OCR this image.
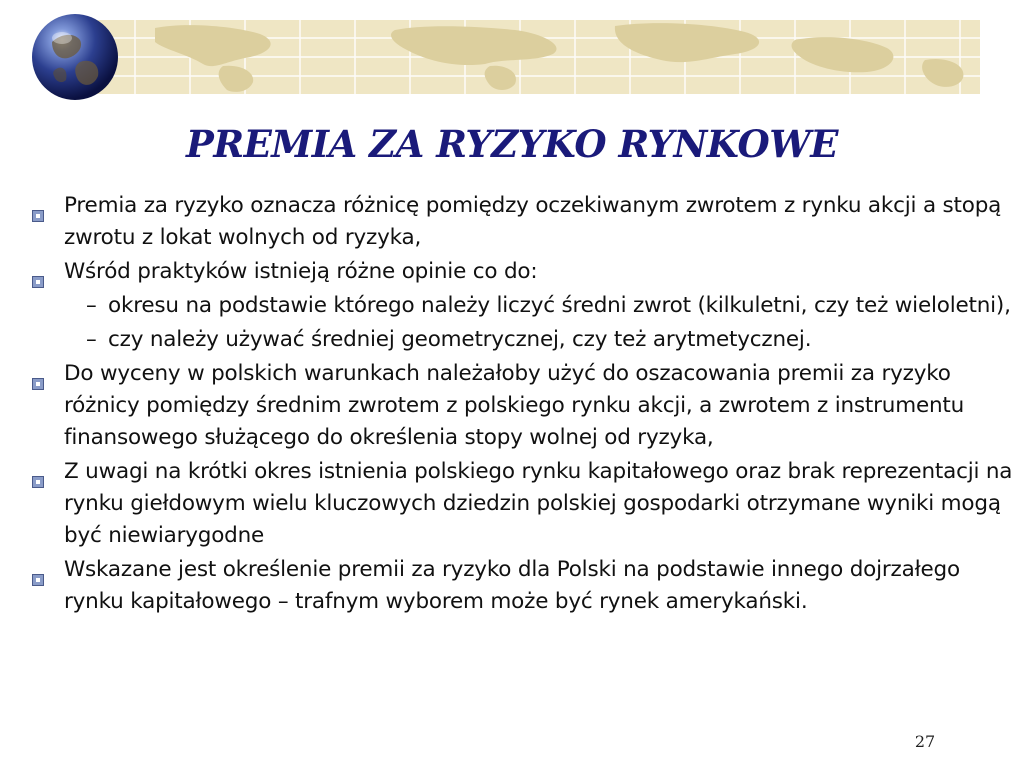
PREMIA ZA RYZYKO RYNKOWE
Premia za ryzyko oznacza różnicę pomiędzy oczekiwanym zwrotem z rynku akcji a stopą zwrotu z lokat wolnych od ryzyka,
Wśród praktyków istnieją różne opinie co do:
– okresu na podstawie którego należy liczyć średni zwrot (kilkuletni, czy też wieloletni),
– czy należy używać średniej geometrycznej, czy też arytmetycznej.
Do wyceny w polskich warunkach należałoby użyć do oszacowania premii za ryzyko różnicy pomiędzy średnim zwrotem z polskiego rynku akcji, a zwrotem z instrumentu finansowego służącego do określenia stopy wolnej od ryzyka,
Z uwagi na krótki okres istnienia polskiego rynku kapitałowego oraz brak reprezentacji na rynku giełdowym wielu kluczowych dziedzin polskiej gospodarki otrzymane wyniki mogą być niewiarygodne
Wskazane jest określenie premii za ryzyko dla Polski na podstawie innego dojrzałego rynku kapitałowego – trafnym wyborem może być rynek amerykański.
27
